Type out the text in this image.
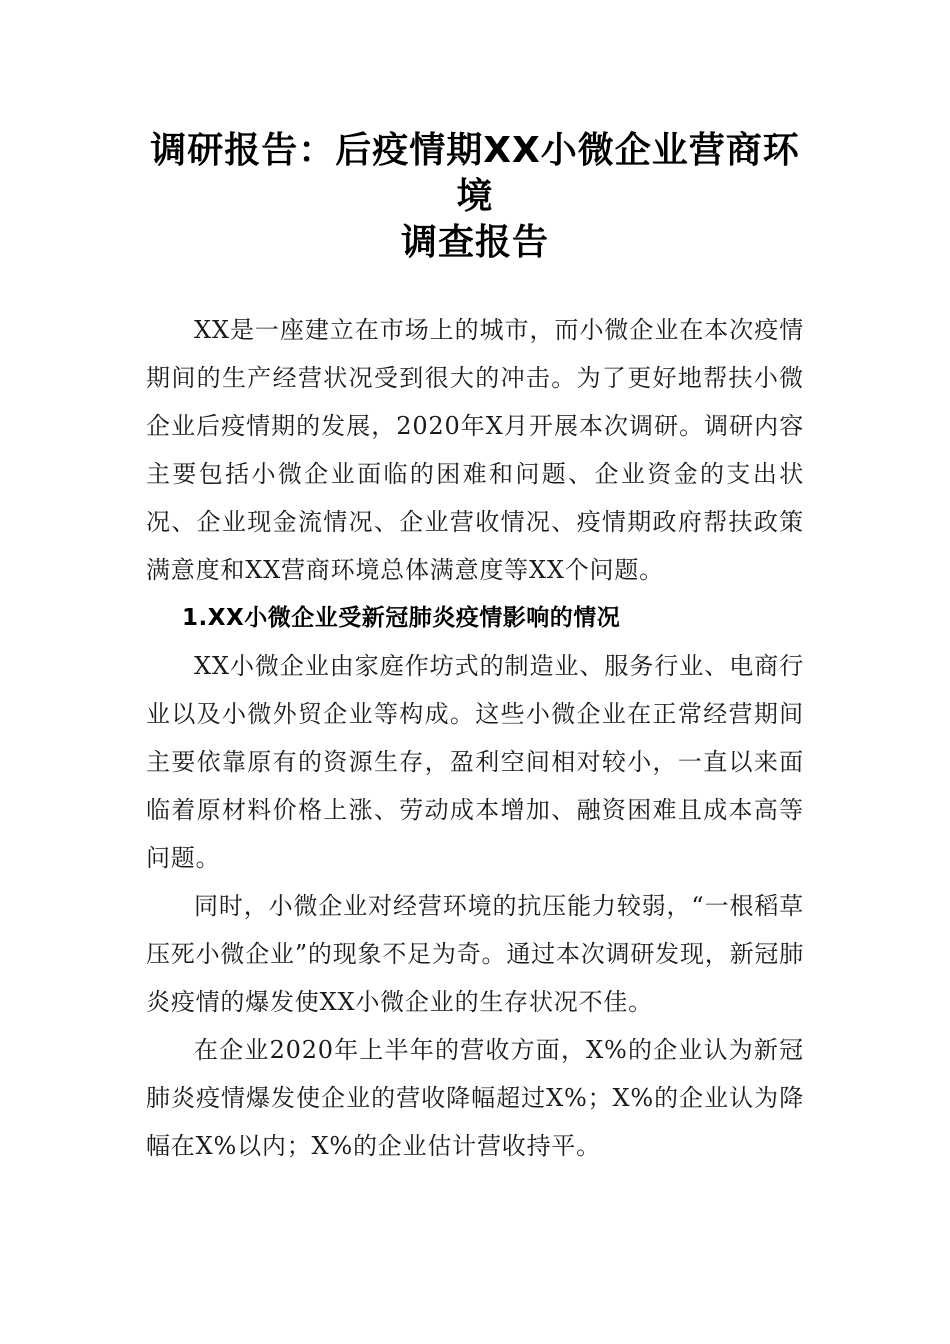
调研报告：后疫情期XX小微企业营商环境
调查报告

XX是一座建立在市场上的城市，而小微企业在本次疫情期间的生产经营状况受到很大的冲击。为了更好地帮扶小微企业后疫情期的发展，2020年X月开展本次调研。调研内容主要包括小微企业面临的困难和问题、企业资金的支出状况、企业现金流情况、企业营收情况、疫情期政府帮扶政策满意度和XX营商环境总体满意度等XX个问题。

1.XX小微企业受新冠肺炎疫情影响的情况

XX小微企业由家庭作坊式的制造业、服务行业、电商行业以及小微外贸企业等构成。这些小微企业在正常经营期间主要依靠原有的资源生存，盈利空间相对较小，一直以来面临着原材料价格上涨、劳动成本增加、融资困难且成本高等问题。

同时，小微企业对经营环境的抗压能力较弱，“一根稻草压死小微企业”的现象不足为奇。通过本次调研发现，新冠肺炎疫情的爆发使XX小微企业的生存状况不佳。

在企业2020年上半年的营收方面，X%的企业认为新冠肺炎疫情爆发使企业的营收降幅超过X%；X%的企业认为降幅在X%以内；X%的企业估计营收持平。
